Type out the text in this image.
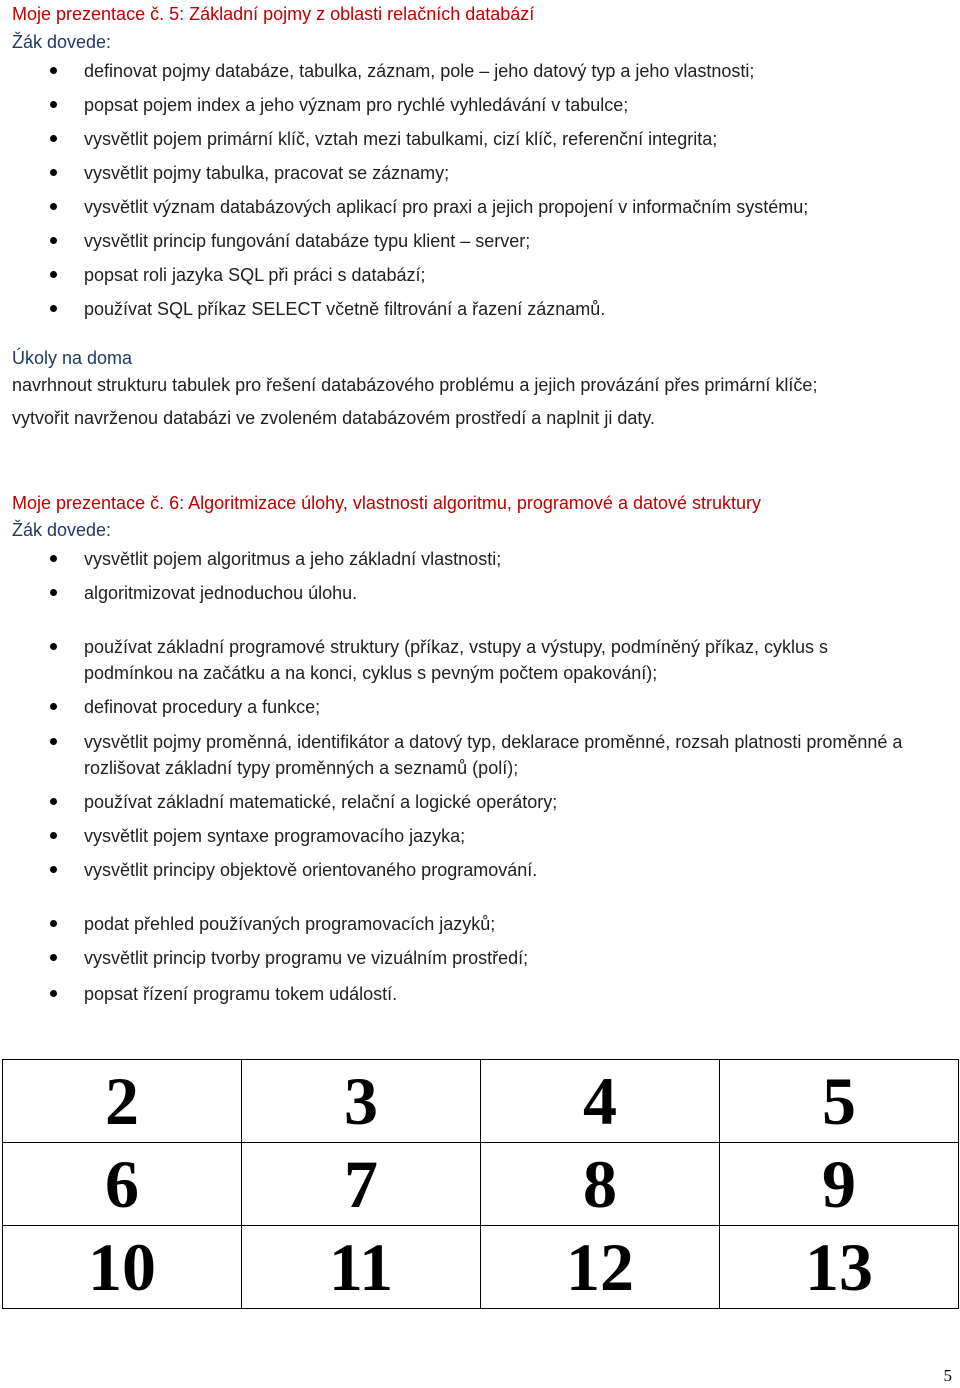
Moje prezentace č. 5: Základní pojmy z oblasti relačních databází
Žák dovede:
definovat pojmy databáze, tabulka, záznam, pole – jeho datový typ a jeho vlastnosti;
popsat pojem index a jeho význam pro rychlé vyhledávání v tabulce;
vysvětlit pojem primární klíč, vztah mezi tabulkami, cizí klíč, referenční integrita;
vysvětlit pojmy tabulka, pracovat se záznamy;
vysvětlit význam databázových aplikací pro praxi a jejich propojení v informačním systému;
vysvětlit princip fungování databáze typu klient – server;
popsat roli jazyka SQL při práci s databází;
používat SQL příkaz SELECT včetně filtrování a řazení záznamů.
Úkoly na doma
navrhnout strukturu tabulek pro řešení databázového problému a jejich provázání přes primární klíče;
vytvořit navrženou databázi ve zvoleném databázovém prostředí a naplnit ji daty.
Moje prezentace č. 6: Algoritmizace úlohy, vlastnosti algoritmu, programové a datové struktury
Žák dovede:
vysvětlit pojem algoritmus a jeho základní vlastnosti;
algoritmizovat jednoduchou úlohu.
používat základní programové struktury (příkaz, vstupy a výstupy, podmíněný příkaz, cyklus s podmínkou na začátku a na konci, cyklus s pevným počtem opakování);
definovat procedury a funkce;
vysvětlit pojmy proměnná, identifikátor a datový typ, deklarace proměnné, rozsah platnosti proměnné a rozlišovat základní typy proměnných a seznamů (polí);
používat základní matematické, relační a logické operátory;
vysvětlit pojem syntaxe programovacího jazyka;
vysvětlit principy objektově orientovaného programování.
podat přehled používaných programovacích jazyků;
vysvětlit princip tvorby programu ve vizuálním prostředí;
popsat řízení programu tokem událostí.
2	3	4	5
6	7	8	9
10	11	12	13
5
